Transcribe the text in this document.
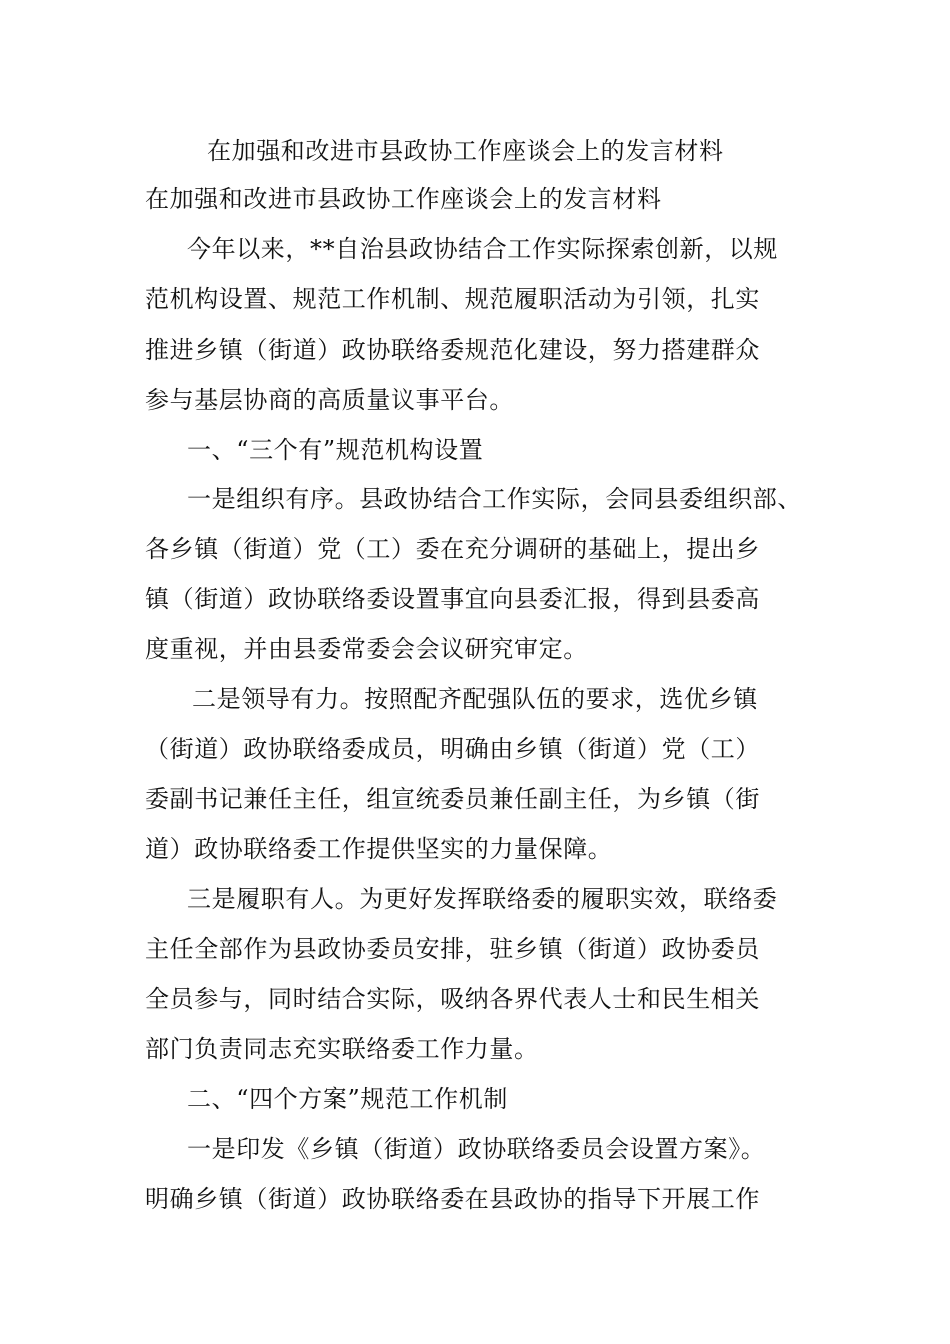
在加强和改进市县政协工作座谈会上的发言材料
在加强和改进市县政协工作座谈会上的发言材料
今年以来，**自治县政协结合工作实际探索创新，以规
范机构设置、规范工作机制、规范履职活动为引领，扎实
推进乡镇（街道）政协联络委规范化建设，努力搭建群众
参与基层协商的高质量议事平台。
一、“三个有”规范机构设置
一是组织有序。县政协结合工作实际，会同县委组织部、
各乡镇（街道）党（工）委在充分调研的基础上，提出乡
镇（街道）政协联络委设置事宜向县委汇报，得到县委高
度重视，并由县委常委会会议研究审定。
二是领导有力。按照配齐配强队伍的要求，选优乡镇
（街道）政协联络委成员，明确由乡镇（街道）党（工）
委副书记兼任主任，组宣统委员兼任副主任，为乡镇（街
道）政协联络委工作提供坚实的力量保障。
三是履职有人。为更好发挥联络委的履职实效，联络委
主任全部作为县政协委员安排，驻乡镇（街道）政协委员
全员参与，同时结合实际，吸纳各界代表人士和民生相关
部门负责同志充实联络委工作力量。
二、“四个方案”规范工作机制
一是印发《乡镇（街道）政协联络委员会设置方案》。
明确乡镇（街道）政协联络委在县政协的指导下开展工作
